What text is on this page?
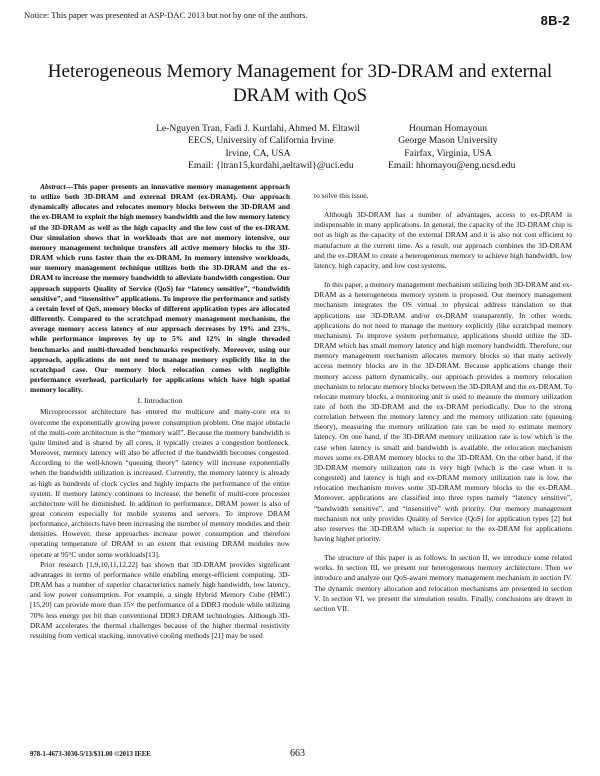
Notice: This paper was presented at ASP-DAC 2013 but not by one of the authors.	8B-2
Heterogeneous Memory Management for 3D-DRAM and external DRAM with QoS
Le-Nguyen Tran, Fadi J. Kurdahi, Ahmed M. Eltawil
EECS, University of California Irvine
Irvine, CA, USA
Email: {ltran15,kurdahi,aeltawil}@uci.edu
Houman Homayoun
George Mason University
Fairfax, Virginia, USA
Email: hhomayou@eng.ucsd.edu

Abstract—This paper presents an innovative memory management approach to utilize both 3D-DRAM and external DRAM (ex-DRAM). Our approach dynamically allocates and relocates memory blocks between the 3D-DRAM and the ex-DRAM to exploit the high memory bandwidth and the low memory latency of the 3D-DRAM as well as the high capacity and the low cost of the ex-DRAM. Our simulation shows that in workloads that are not memory intensive, our memory management technique transfers all active memory blocks to the 3D-DRAM which runs faster than the ex-DRAM. In memory intensive workloads, our memory management technique utilizes both the 3D-DRAM and the ex-DRAM to increase the memory bandwidth to alleviate bandwidth congestion. Our approach supports Quality of Service (QoS) for “latency sensitive”, “bandwidth sensitive”, and “insensitive” applications. To improve the performance and satisfy a certain level of QoS, memory blocks of different application types are allocated differently. Compared to the scratchpad memory management mechanism, the average memory access latency of our approach decreases by 19% and 23%, while performance improves by up to 5% and 12% in single threaded benchmarks and multi-threaded benchmarks respectively. Moreover, using our approach, applications do not need to manage memory explicitly like in the scratchpad case. Our memory block relocation comes with negligible performance overhead, particularly for applications which have high spatial memory locality.

I. Introduction

Microprocessor architecture has entered the multicore and many-core era to overcome the exponentially growing power consumption problem. One major obstacle of the multi-core architecture is the “memory wall”. Because the memory bandwidth is quite limited and is shared by all cores, it typically creates a congestion bottleneck. Moreover, memory latency will also be affected if the bandwidth becomes congested. According to the well-known “queuing theory” latency will increase exponentially when the bandwidth utilization is increased. Currently, the memory latency is already as high as hundreds of clock cycles and highly impacts the performance of the entire system. If memory latency continues to increase, the benefit of multi-core processor architecture will be diminished. In addition to performance, DRAM power is also of great concern especially for mobile systems and servers. To improve DRAM performance, architects have been increasing the number of memory modules and their densities. However, these approaches increase power consumption and therefore operating temperature of DRAM to an extent that existing DRAM modules now operate at 95°C under some workloads[13].

Prior research [1,9,10,11,12,22] has shown that 3D-DRAM provides significant advantages in terms of performance while enabling energy-efficient computing. 3D-DRAM has a number of superior characteristics namely high bandwidth, low latency, and low power consumption. For example, a single Hybrid Memory Cube (HMC) [15,20] can provide more than 15× the performance of a DDR3 module while utilizing 70% less energy per bit than conventional DDR3 DRAM technologies. Although 3D-DRAM accelerates the thermal challenges because of the higher thermal resistivity resulting from vertical stacking, innovative cooling methods [21] may be used

to solve this issue.

Although 3D-DRAM has a number of advantages, access to ex-DRAM is indispensable in many applications. In general, the capacity of the 3D-DRAM chip is not as high as the capacity of the external DRAM and it is also not cost efficient to manufacture at the current time. As a result, our approach combines the 3D-DRAM and the ex-DRAM to create a heterogeneous memory to achieve high bandwidth, low latency, high capacity, and low cost systems.

In this paper, a memory management mechanism utilizing both 3D-DRAM and ex-DRAM as a heterogeneous memory system is proposed. Our memory management mechanism integrates the OS virtual to physical address translation so that applications use 3D-DRAM and/or ex-DRAM transparently. In other words, applications do not need to manage the memory explicitly (like scratchpad memory mechanism). To improve system performance, applications should utilize the 3D-DRAM which has small memory latency and high memory bandwidth. Therefore, our memory management mechanism allocates memory blocks so that many actively access memory blocks are in the 3D-DRAM. Because applications change their memory access pattern dynamically, our approach provides a memory relocation mechanism to relocate memory blocks between the 3D-DRAM and the ex-DRAM. To relocate memory blocks, a monitoring unit is used to measure the memory utilization rate of both the 3D-DRAM and the ex-DRAM periodically. Due to the strong correlation between the memory latency and the memory utilization rate (queuing theory), measuring the memory utilization rate can be used to estimate memory latency. On one hand, if the 3D-DRAM memory utilization rate is low which is the case when latency is small and bandwidth is available, the relocation mechanism moves some ex-DRAM memory blocks to the 3D-DRAM. On the other hand, if the 3D-DRAM memory utilization rate is very high (which is the case when it is congested) and latency is high and ex-DRAM memory utilization rate is low, the relocation mechanism moves some 3D-DRAM memory blocks to the ex-DRAM. Moreover, applications are classified into three types namely “latency sensitive”, “bandwidth sensitive”, and “insensitive” with priority. Our memory management mechanism not only provides Quality of Service (QoS) for application types [2] but also reserves the 3D-DRAM which is superior to the ex-DRAM for applications having higher priority.

The structure of this paper is as follows. In section II, we introduce some related works. In section III, we present our heterogeneous memory architecture. Then we introduce and analyze our QoS-aware memory management mechanism in section IV. The dynamic memory allocation and relocation mechanisms are presented in section V. In section VI, we present the simulation results. Finally, conclusions are drawn in section VII.

978-1-4673-3030-5/13/$31.00 ©2013 IEEE	663
